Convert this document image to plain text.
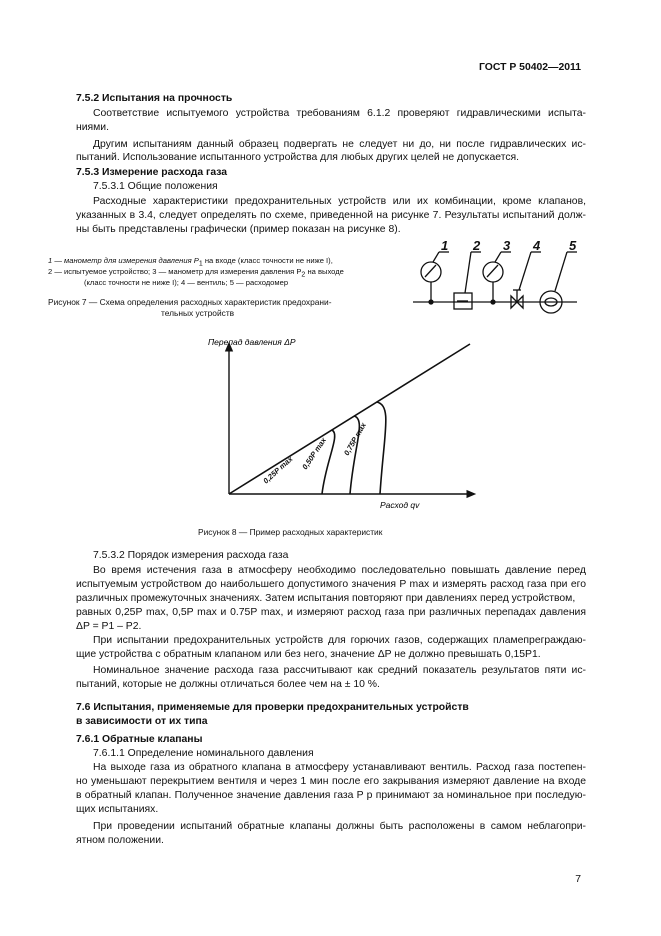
ГОСТ Р 50402—2011
7.5.2 Испытания на прочность
Соответствие испытуемого устройства требованиям 6.1.2 проверяют гидравлическими испыта-
ниями.
Другим испытаниям данный образец подвергать не следует ни до, ни после гидравлических ис-
пытаний. Использование испытанного устройства для любых других целей не допускается.
7.5.3 Измерение расхода газа
7.5.3.1 Общие положения
Расходные характеристики предохранительных устройств или их комбинации, кроме клапанов,
указанных в 3.4, следует определять по схеме, приведенной на рисунке 7. Результаты испытаний долж-
ны быть представлены графически (пример показан на рисунке 8).
1 — манометр для измерения давления $P_1$ на входе (класс точности не ниже I),
2 — испытуемое устройство; 3 — манометр для измерения давления $P_2$ на выходе
(класс точности не ниже I); 4 — вентиль; 5 — расходомер
Рисунок 7 — Схема определения расходных характеристик предохрани-
тельных устройств
1 2 3 4 5
Перепад давления ΔP
Расход qv
0,25P max 0,50P max 0,75P max
Рисунок 8 — Пример расходных характеристик
7.5.3.2 Порядок измерения расхода газа
Во время истечения газа в атмосферу необходимо последовательно повышать давление перед
испытуемым устройством до наибольшего допустимого значения P max и измерять расход газа при его
различных промежуточных значениях. Затем испытания повторяют при давлениях перед устройством,
равных 0,25P max, 0,5P max и 0.75P max, и измеряют расход газа при различных перепадах давления
ΔP = P1 – P2.
При испытании предохранительных устройств для горючих газов, содержащих пламепреграждаю-
щие устройства с обратным клапаном или без него, значение ΔP не должно превышать 0,15P1.
Номинальное значение расхода газа рассчитывают как средний показатель результатов пяти ис-
пытаний, которые не должны отличаться более чем на ± 10 %.
7.6 Испытания, применяемые для проверки предохранительных устройств
в зависимости от их типа
7.6.1 Обратные клапаны
7.6.1.1 Определение номинального давления
На выходе газа из обратного клапана в атмосферу устанавливают вентиль. Расход газа постепен-
но уменьшают перекрытием вентиля и через 1 мин после его закрывания измеряют давление на входе
в обратный клапан. Полученное значение давления газа P p принимают за номинальное при последую-
щих испытаниях.
При проведении испытаний обратные клапаны должны быть расположены в самом неблагопри-
ятном положении.
7
